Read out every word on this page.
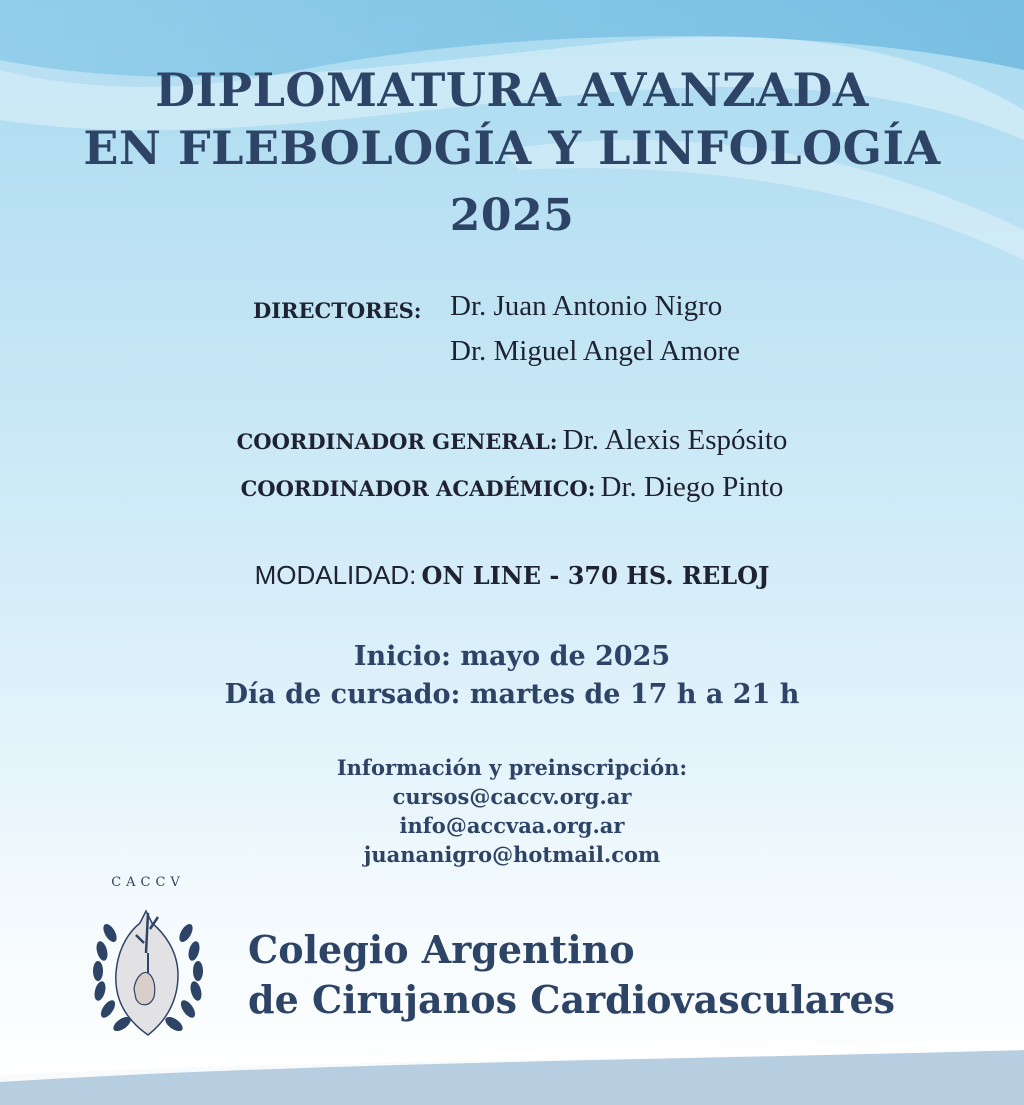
DIPLOMATURA AVANZADA
EN FLEBOLOGÍA Y LINFOLOGÍA
2025
DIRECTORES: Dr. Juan Antonio Nigro
Dr. Miguel Angel Amore
COORDINADOR GENERAL: Dr. Alexis Espósito
COORDINADOR ACADÉMICO: Dr. Diego Pinto
MODALIDAD: ON LINE - 370 HS. RELOJ
Inicio: mayo de 2025
Día de cursado: martes de 17 h a 21 h
Información y preinscripción:
cursos@caccv.org.ar
info@accvaa.org.ar
juananigro@hotmail.com
CACCV
Colegio Argentino
de Cirujanos Cardiovasculares
